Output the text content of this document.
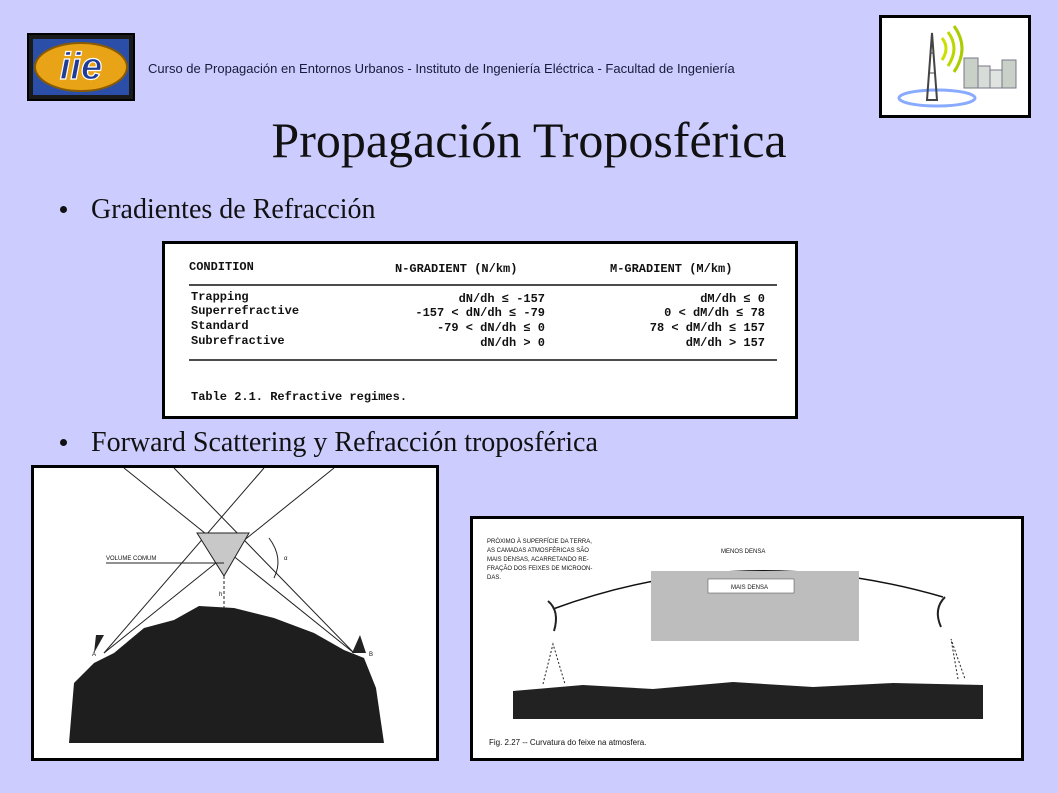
iie	Curso de Propagación en Entornos Urbanos - Instituto de Ingeniería Eléctrica - Facultad de Ingeniería
Propagación Troposférica
Gradientes de Refracción
CONDITION	N-GRADIENT (N/km)	M-GRADIENT (M/km)
Trapping	dN/dh ≤ -157	dM/dh ≤ 0
Superrefractive	-157 < dN/dh ≤ -79	0 < dM/dh ≤ 78
Standard	-79 < dN/dh ≤ 0	78 < dM/dh ≤ 157
Subrefractive	dN/dh > 0	dM/dh > 157
Table 2.1. Refractive regimes.
Forward Scattering y Refracción troposférica
VOLUME COMUM
h
α
A	B
PRÓXIMO À SUPERFÍCIE DA TERRA,
AS CAMADAS ATMOSFÉRICAS SÃO
MAIS DENSAS, ACARRETANDO RE-
FRAÇÃO DOS FEIXES DE MICROON-
DAS.
MENOS DENSA
MAIS DENSA
Fig. 2.27 -- Curvatura do feixe na atmosfera.
